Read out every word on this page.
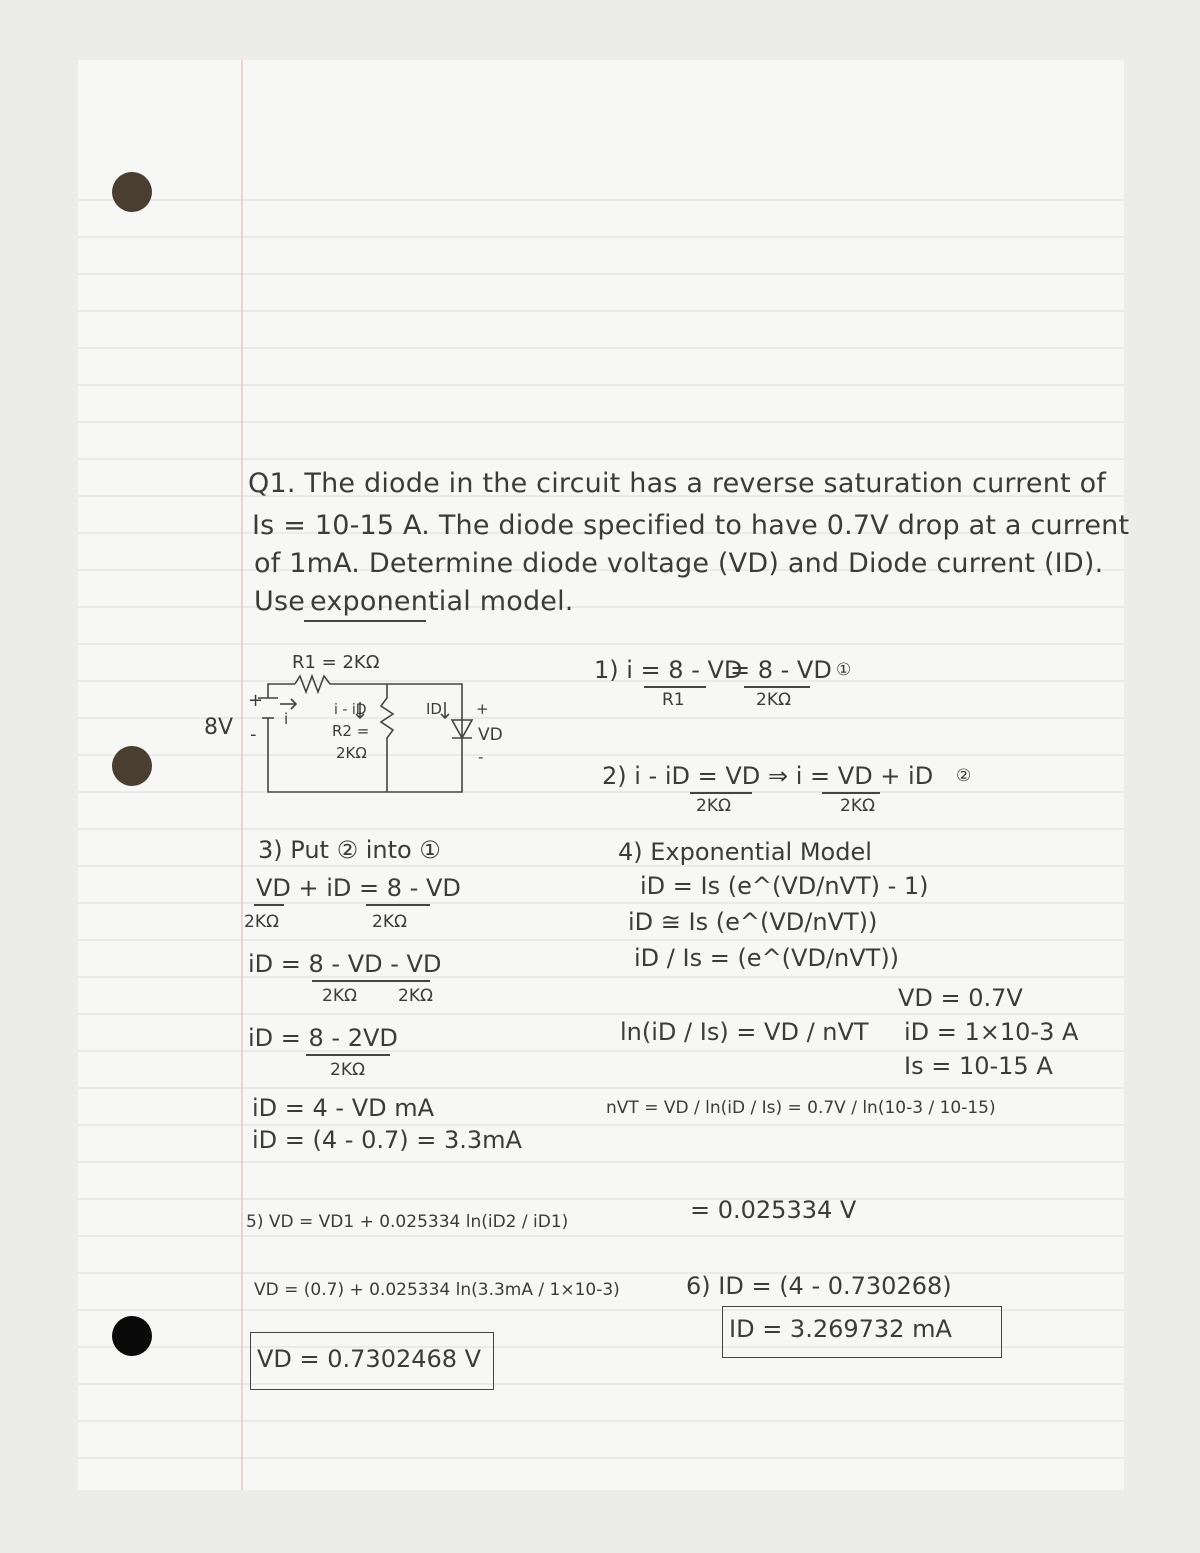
Q1. The diode in the circuit has a reverse saturation current of
Is = 10-15 A. The diode specified to have 0.7V drop at a current
of 1mA. Determine diode voltage (VD) and Diode current (ID).
Use exponential model.
R1 = 2KΩ
8V
+
-
i	i - iD
R2 =
2KΩ
ID +
VD
-
1) i = 8 - VD
R1
= 8 - VD
2KΩ
①
2) i - iD = VD
2KΩ
⇒ i = VD + iD
2KΩ
②
3) Put ② into ①
VD + iD = 8 - VD
2KΩ	2KΩ
iD = 8 - VD - VD
2KΩ 2KΩ
iD = 8 - 2VD
2KΩ
iD = 4 - VD mA
iD = (4 - 0.7) = 3.3mA
4) Exponential Model
iD = Is (e^(VD/nVT) - 1)
iD ≅ Is (e^(VD/nVT))
iD / Is = (e^(VD/nVT))
ln(iD / Is) = VD / nVT
nVT = VD / ln(iD / Is) = 0.7V / ln(10-3 / 10-15)
= 0.025334 V
VD = 0.7V
iD = 1×10-3 A
Is = 10-15 A
5) VD = VD1 + 0.025334 ln(iD2 / iD1)
VD = (0.7) + 0.025334 ln(3.3mA / 1×10-3)
VD = 0.7302468 V
6) ID = (4 - 0.730268)
ID = 3.269732 mA
